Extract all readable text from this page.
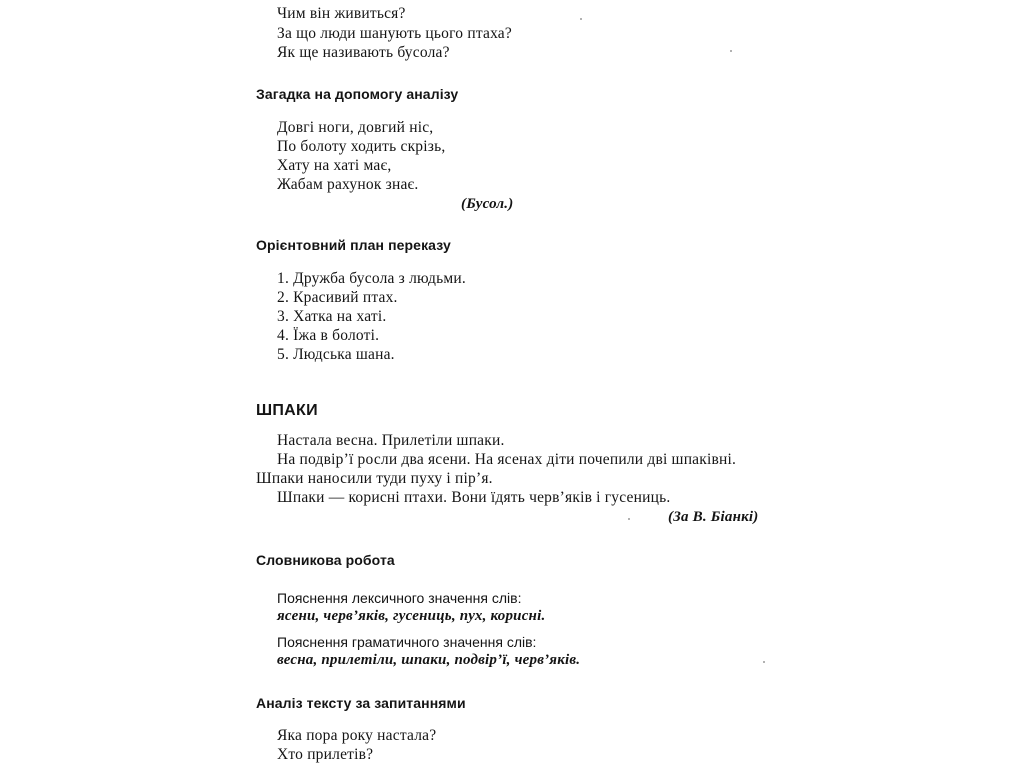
Чим він живиться?
За що люди шанують цього птаха?
Як ще називають бусола?
Загадка на допомогу аналізу
Довгі ноги, довгий ніс,
По болоту ходить скрізь,
Хату на хаті має,
Жабам рахунок знає.
(Бусол.)
Орієнтовний план переказу
1. Дружба бусола з людьми.
2. Красивий птах.
3. Хатка на хаті.
4. Їжа в болоті.
5. Людська шана.
ШПАКИ
Настала весна. Прилетіли шпаки.
На подвір’ї росли два ясени. На ясенах діти почепили дві шпаківні.
Шпаки наносили туди пуху і пір’я.
Шпаки — корисні птахи. Вони їдять черв’яків і гусениць.
(За В. Біанкі)
Словникова робота
Пояснення лексичного значення слів:
ясени, черв’яків, гусениць, пух, корисні.
Пояснення граматичного значення слів:
весна, прилетіли, шпаки, подвір’ї, черв’яків.
Аналіз тексту за запитаннями
Яка пора року настала?
Хто прилетів?
